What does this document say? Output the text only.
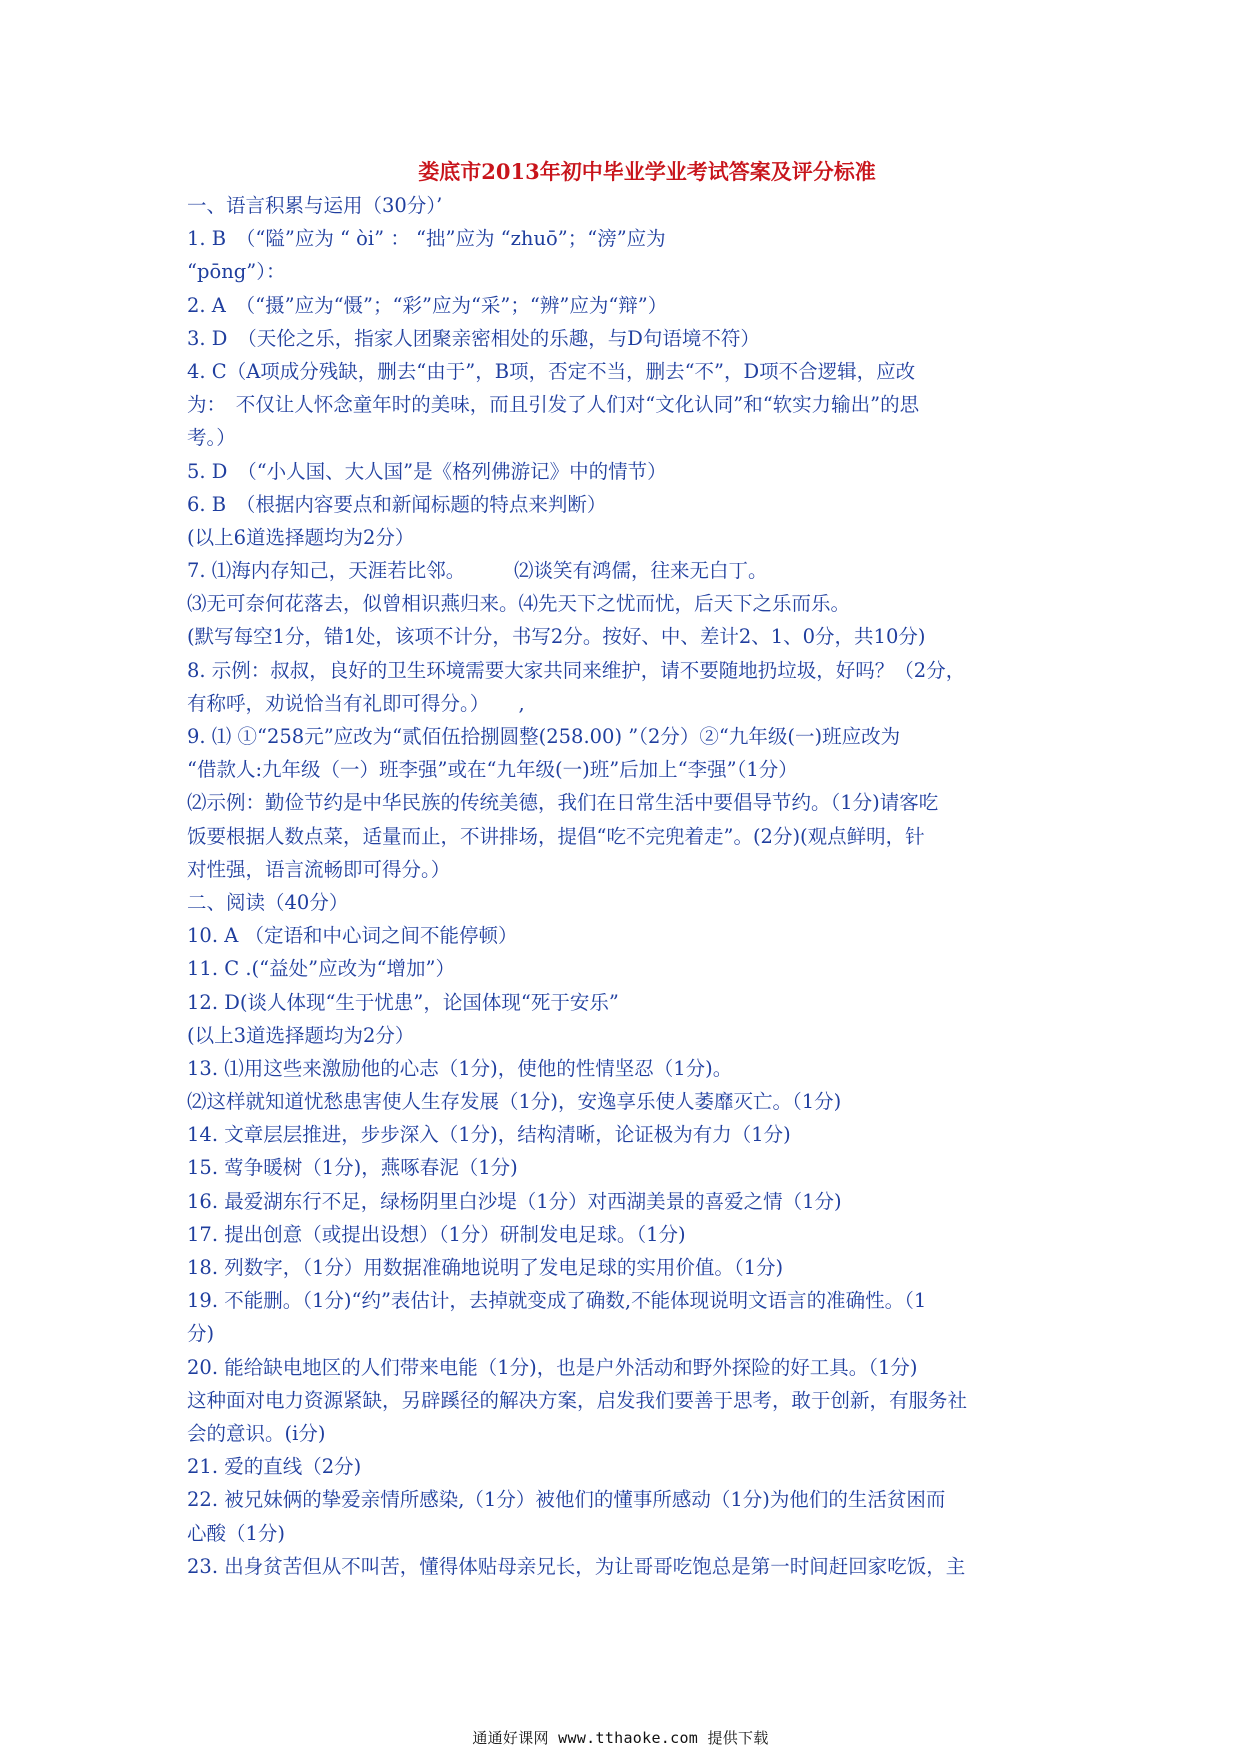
娄底市2013年初中毕业学业考试答案及评分标准
一、语言积累与运用（30分）’
1. B　（“隘”应为 “ òi” ： “拙”应为 “zhuō”；“滂”应为
“pōng”）：
2. A　（“摄”应为“慑”；“彩”应为“采”；“辨”应为“辩”）
3. D　（天伦之乐，指家人团聚亲密相处的乐趣，与D句语境不符）
4. C（A项成分残缺，删去“由于”，B项，否定不当，删去“不”，D项不合逻辑，应改
为：　不仅让人怀念童年时的美味，而且引发了人们对“文化认同”和“软实力输出”的思
考。）
5. D　（“小人国、大人国”是《格列佛游记》中的情节）
6. B　（根据内容要点和新闻标题的特点来判断）
(以上6道选择题均为2分）
7. ⑴海内存知己，天涯若比邻。　　　⑵谈笑有鸿儒，往来无白丁。
⑶无可奈何花落去，似曾相识燕归来。⑷先天下之忧而忧，后天下之乐而乐。
(默写每空1分，错1处，该项不计分，书写2分。按好、中、差计2、1、0分，共10分)
8. 示例：叔叔，良好的卫生环境需要大家共同来维护，请不要随地扔垃圾，好吗？（2分，
有称呼，劝说恰当有礼即可得分。）　　,
9. ⑴ ①“258元”应改为“贰佰伍拾捌圆整(258.00) ”（2分）②“九年级(一)班应改为
“借款人:九年级（一）班李强”或在“九年级(一)班”后加上“李强”（1分）
⑵示例：勤俭节约是中华民族的传统美德，我们在日常生活中要倡导节约。（1分)请客吃
饭要根据人数点菜，适量而止，不讲排场，提倡“吃不完兜着走”。(2分)(观点鲜明，针
对性强，语言流畅即可得分。）
二、阅读（40分）
10. A （定语和中心词之间不能停顿）
11. C .(“益处”应改为“增加”）
12. D(谈人体现“生于忧患”，论国体现“死于安乐”
(以上3道选择题均为2分）
13. ⑴用这些来激励他的心志（1分)，使他的性情坚忍（1分)。
⑵这样就知道忧愁患害使人生存发展（1分)，安逸享乐使人萎靡灭亡。（1分)
14. 文章层层推进，步步深入（1分)，结构清晰，论证极为有力（1分)
15. 莺争暖树（1分)，燕啄春泥（1分)
16. 最爱湖东行不足，绿杨阴里白沙堤（1分）对西湖美景的喜爱之情（1分)
17. 提出创意（或提出设想）（1分）研制发电足球。（1分)
18. 列数字，（1分）用数据准确地说明了发电足球的实用价值。（1分)
19. 不能删。（1分)“约”表估计，去掉就变成了确数,不能体现说明文语言的准确性。（1
分)
20. 能给缺电地区的人们带来电能（1分)，也是户外活动和野外探险的好工具。（1分)
这种面对电力资源紧缺，另辟蹊径的解决方案，启发我们要善于思考，敢于创新，有服务社
会的意识。(i分)
21. 爱的直线（2分)
22. 被兄妹俩的挚爱亲情所感染,（1分）被他们的懂事所感动（1分)为他们的生活贫困而
心酸（1分)
23. 出身贫苦但从不叫苦，懂得体贴母亲兄长，为让哥哥吃饱总是第一时间赶回家吃饭，主
通通好课网 www.tthaoke.com 提供下载
